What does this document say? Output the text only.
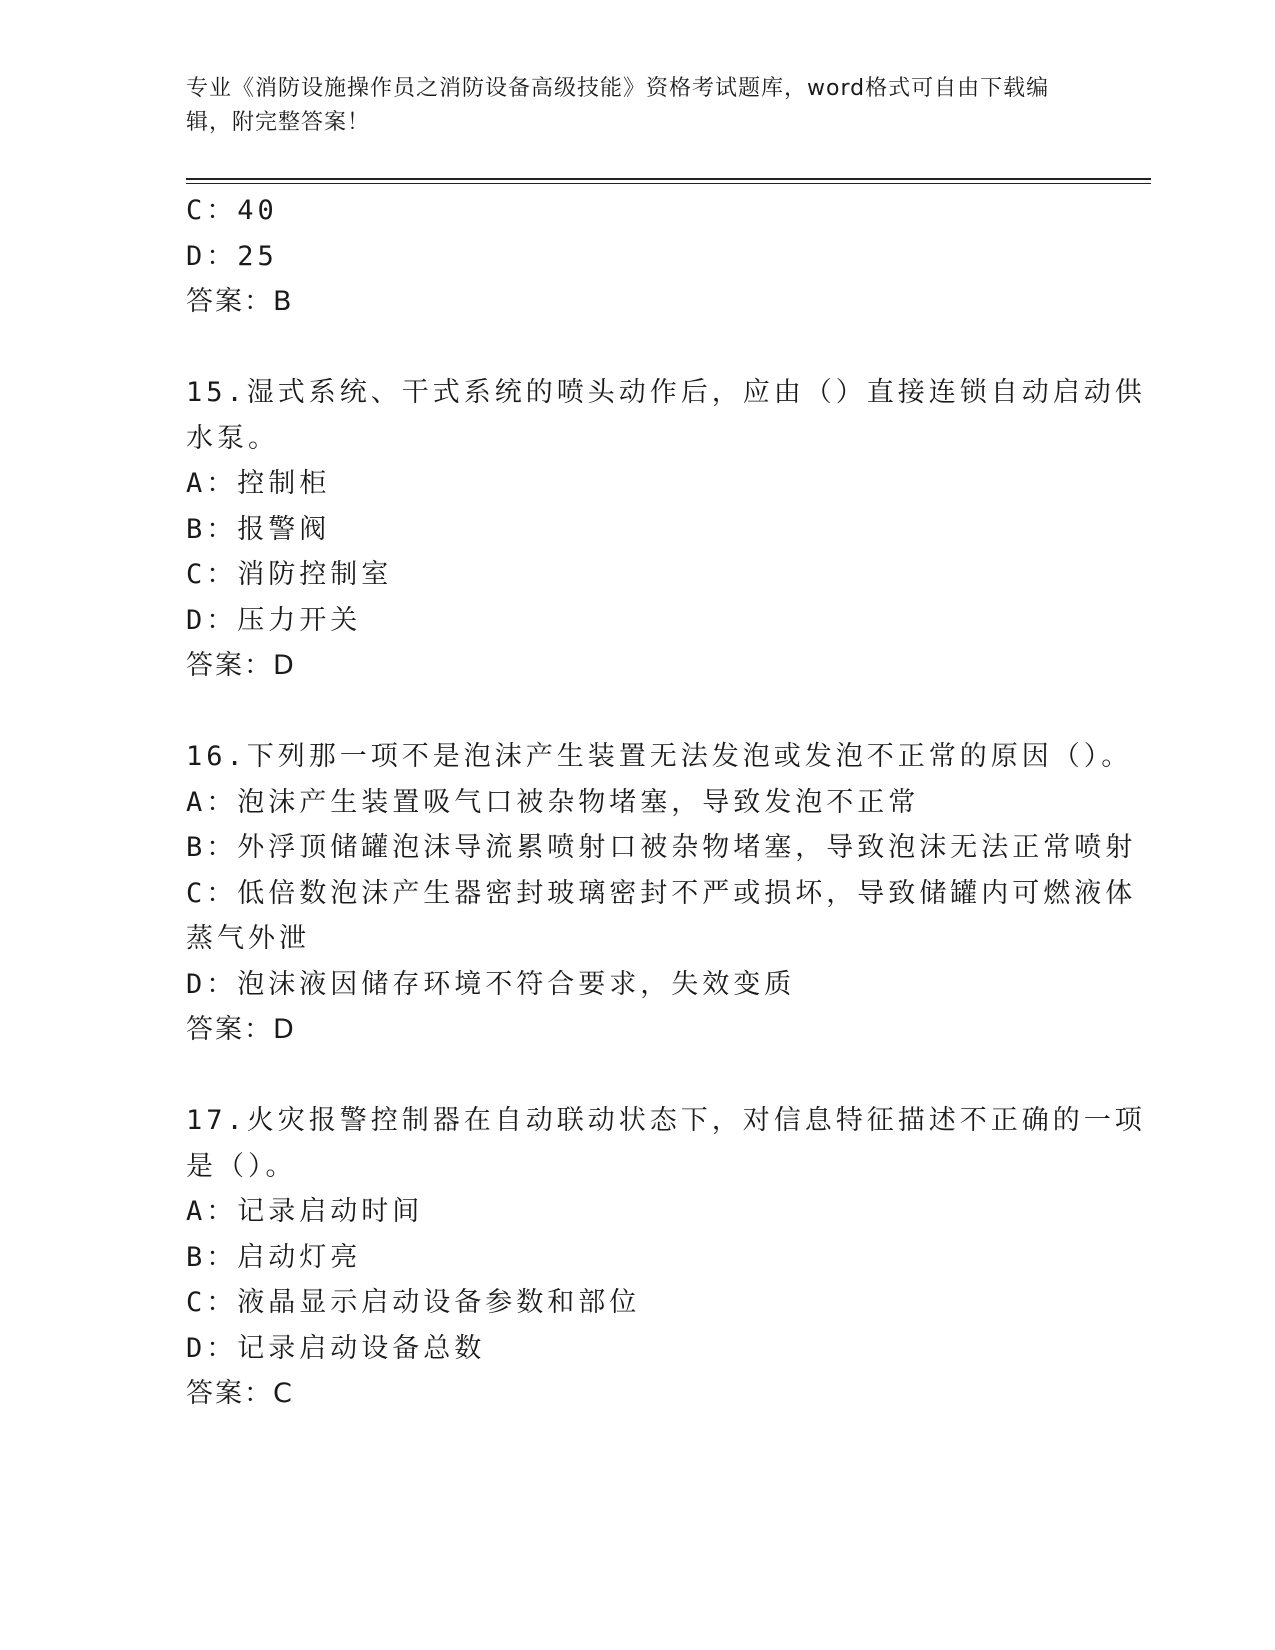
专业《消防设施操作员之消防设备高级技能》资格考试题库，word格式可自由下载编辑，附完整答案！
C：40
D：25
答案：B
15.湿式系统、干式系统的喷头动作后，应由（）直接连锁自动启动供
水泵。
A：控制柜
B：报警阀
C：消防控制室
D：压力开关
答案：D
16.下列那一项不是泡沫产生装置无法发泡或发泡不正常的原因（）。
A：泡沫产生装置吸气口被杂物堵塞，导致发泡不正常
B：外浮顶储罐泡沫导流累喷射口被杂物堵塞，导致泡沫无法正常喷射
C：低倍数泡沫产生器密封玻璃密封不严或损坏，导致储罐内可燃液体
蒸气外泄
D：泡沫液因储存环境不符合要求，失效变质
答案：D
17.火灾报警控制器在自动联动状态下，对信息特征描述不正确的一项
是（）。
A：记录启动时间
B：启动灯亮
C：液晶显示启动设备参数和部位
D：记录启动设备总数
答案：C
